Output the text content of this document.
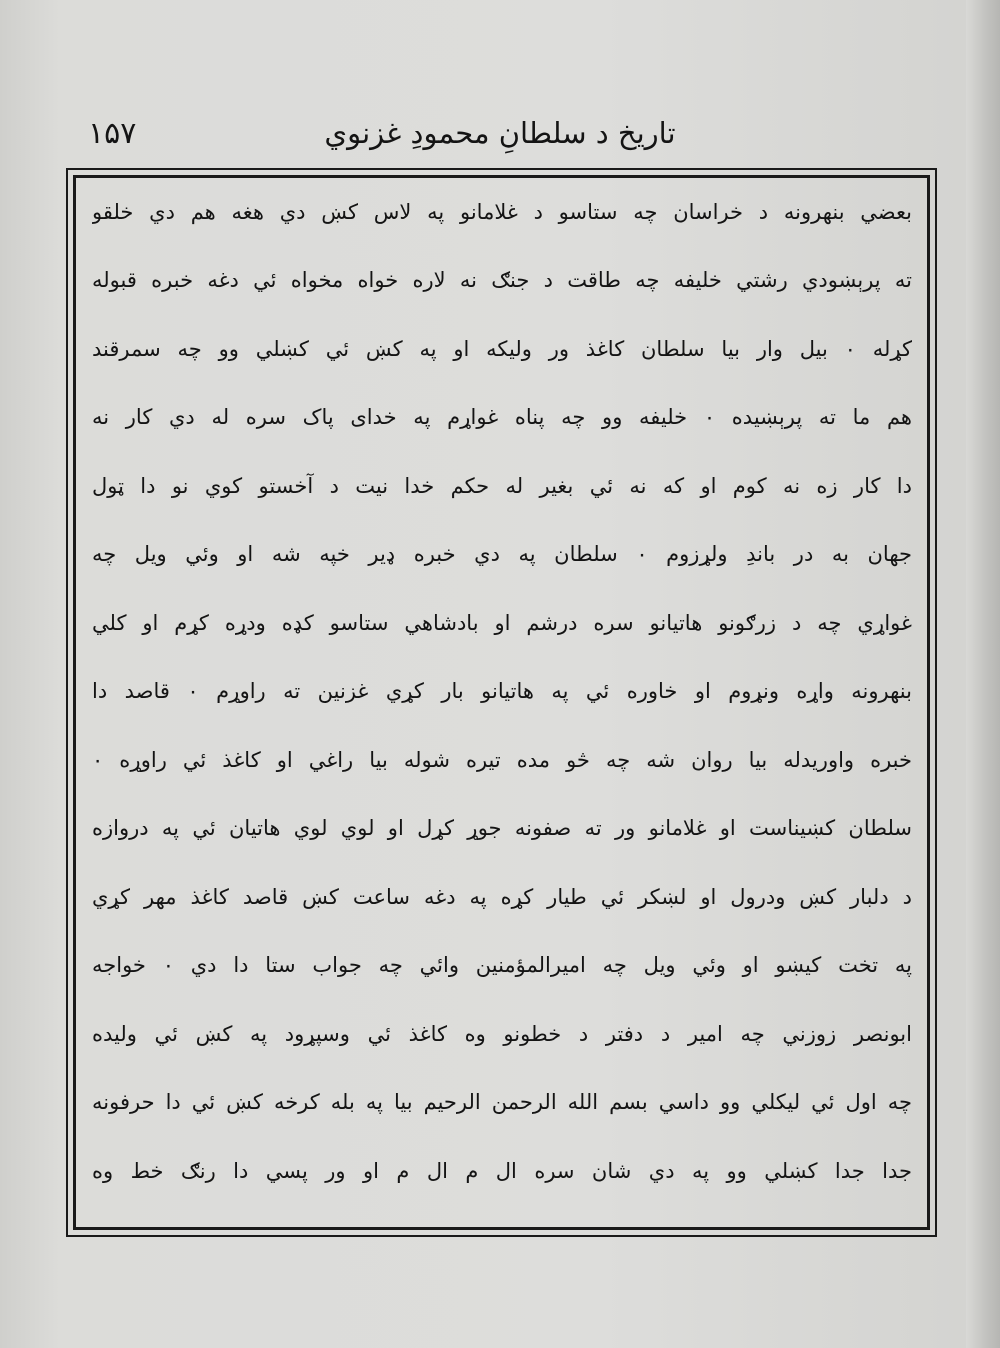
تاریخ د سلطانِ محمودِ غزنوي
۱۵۷
بعضي بنهرونه د خراسان چه ستاسو د غلامانو په لاس کښ دي هغه هم دي خلقو
ته پرېښودي رشتي خليفه چه طاقت د جنګ نه لاره خواه مخواه ئي دغه خبره قبوله
کړله ۰ بيل وار بيا سلطان کاغذ ور وليکه او په کښ ئي کښلي وو چه سمرقند
هم ما ته پرېښيده ۰ خليفه وو چه پناه غواړم په خدای پاک سره له دي کار نه
دا کار زه نه کوم او که نه ئي بغير له حکم خدا نيت د آخستو کوي نو دا ټول
جهان به در باندِ ولړزوم ۰ سلطان په دي خبره ډير خپه شه او وئي ويل چه
غواړي چه د زرګونو هاتيانو سره درشم او بادشاهي ستاسو کډه ودړه کړم او کلي
بنهرونه واړه ونړوم او خاوره ئي په هاتيانو بار کړي غزنين ته راوړم ۰ قاصد دا
خبره واوريدله بيا روان شه چه څو مده تيره شوله بيا راغي او کاغذ ئي راوړه ۰
سلطان کښيناست او غلامانو ور ته صفونه جوړ کړل او لوي لوي هاتيان ئي په دروازه
د دلبار کښ ودرول او لښکر ئي طيار کړه په دغه ساعت کښ قاصد کاغذ مهر کړي
په تخت کيښو او وئي ويل چه اميرالمؤمنين وائي چه جواب ستا دا دي ۰ خواجه
ابونصر زوزني چه امير د دفتر د خطونو وه کاغذ ئي وسپړود په کښ ئي وليده
چه اول ئي ليکلي وو داسي بسم الله الرحمن الرحيم بيا په بله کرخه کښ ئي دا حرفونه
جدا جدا کښلي وو په دي شان سره ال م ال م او ور پسي دا رنګ خط وه
